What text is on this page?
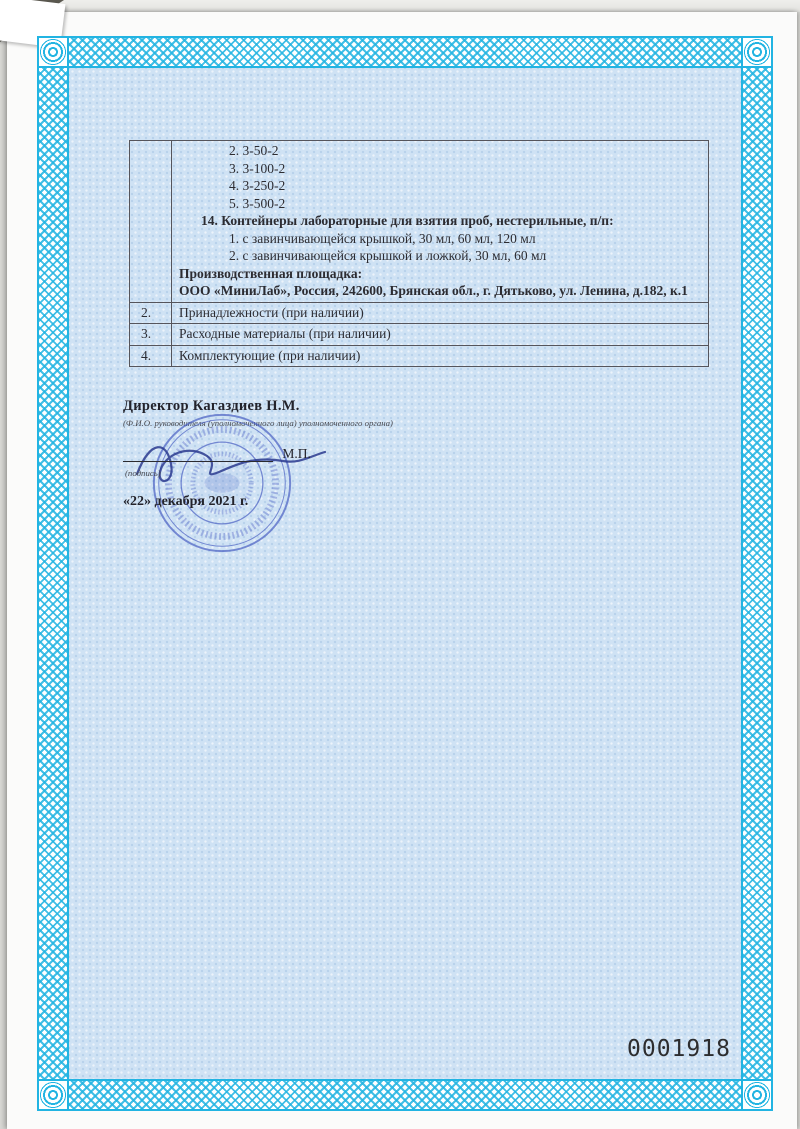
2. 3-50-2
3. 3-100-2
4. 3-250-2
5. 3-500-2
14. Контейнеры лабораторные для взятия проб, нестерильные, п/п:
1. с завинчивающейся крышкой, 30 мл, 60 мл, 120 мл
2. с завинчивающейся крышкой и ложкой, 30 мл, 60 мл
Производственная площадка:
ООО «МиниЛаб», Россия, 242600, Брянская обл., г. Дятьково, ул. Ленина, д.182, к.1

2.	Принадлежности (при наличии)
3.	Расходные материалы (при наличии)
4.	Комплектующие (при наличии)
Директор Кагаздиев Н.М.
(Ф.И.О. руководителя (уполномоченного лица) уполномоченного органа)
М.П.
(подпись)
«22» декабря 2021 г.
0001918
